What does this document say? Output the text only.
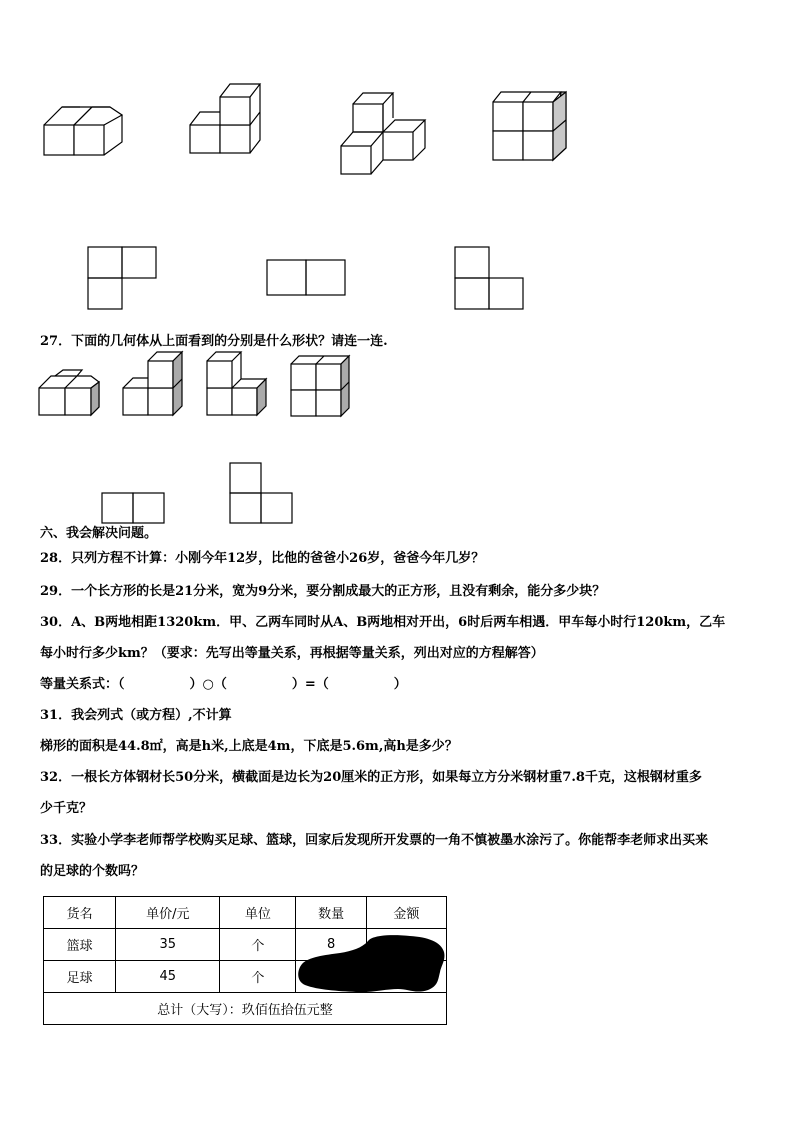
27．下面的几何体从上面看到的分别是什么形状？请连一连.
六、我会解决问题。
28．只列方程不计算：小刚今年12岁，比他的爸爸小26岁，爸爸今年几岁？
29．一个长方形的长是21分米，宽为9分米，要分割成最大的正方形，且没有剩余，能分多少块？
30．A、B两地相距1320km．甲、乙两车同时从A、B两地相对开出，6时后两车相遇．甲车每小时行120km，乙车
每小时行多少km？（要求：先写出等量关系，再根据等量关系，列出对应的方程解答）
等量关系式：（　　　　　）○（　　　　　）=（　　　　　）
31．我会列式（或方程）,不计算
梯形的面积是44.8㎡，高是h米,上底是4m，下底是5.6m,高h是多少？
32．一根长方体钢材长50分米，横截面是边长为20厘米的正方形，如果每立方分米钢材重7.8千克，这根钢材重多
少千克？
33．实验小学李老师帮学校购买足球、篮球，回家后发现所开发票的一角不慎被墨水涂污了。你能帮李老师求出买来
的足球的个数吗？
货名	单价/元	单位	数量	金额
篮球	35	个	8	
足球	45	个		
总计（大写）：玖佰伍拾伍元整				
